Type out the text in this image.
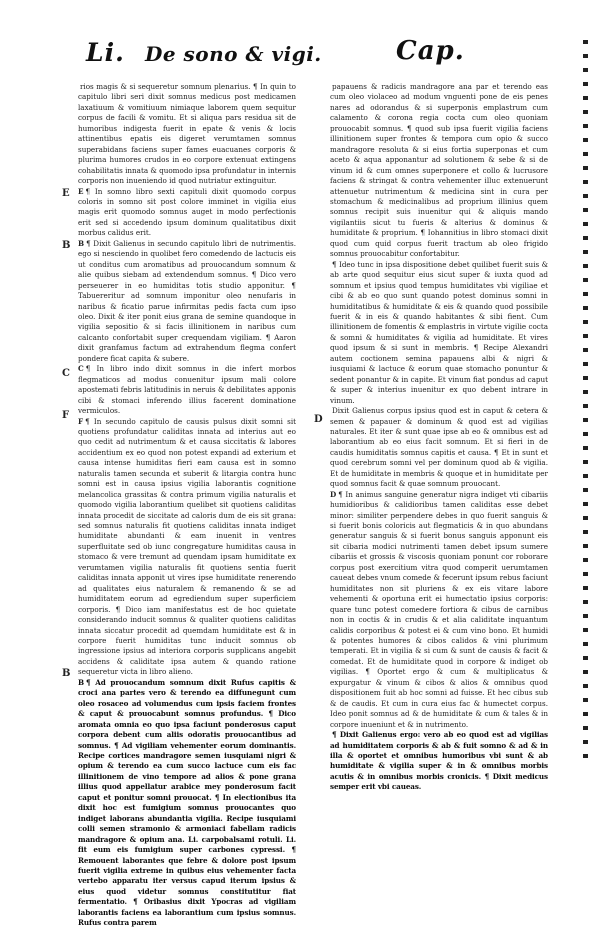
Li. De sono & vigi.	Cap.

rios magis & si sequeretur somnum plenarius. ¶ In quin to capitulo libri seri dixit somnus medicus post medicamen laxatiuum & vomitiuum nimiaque laborem quem sequitur corpus de facili & vomitu. Et si aliqua pars residua sit de humoribus indigesta fuerit in epate & venis & locis attinentibus epatis eis digeret verumtamen somnus superabidans faciens super fames euacuanes corporis & plurima humores crudos in eo corpore extenuat extingens cohabilitatis innata & quomodo ipsa profundatur in internis corporis non inueniendo id quod nutriatur extinguitur.

E ¶ In somno libro sexti capituli dixit quomodo corpus coloris in somno sit post colore imminet in vigilia eius magis erit quomodo somnus auget in modo perfectionis erit sed si accedendo ipsum dominum qualitatibus dixit morbus calidus erit.

B ¶ Dixit Galienus in secundo capitulo libri de nutrimentis. ego si nesciendo in quolibet fero comedendo de lactucis eis ut conditus cum aromatibus ad prouocandum somnum & alie quibus siebam ad extendendum somnus. ¶ Dico vero perseuerer in eo humiditas totis studio apponitur. ¶ Tabuereritur ad somnum imponitur oleo nenufaris in naribus & ficatio parue infirmitas pedis facta cum ipso oleo. Dixit & iter ponit eius grana de semine quandoque in vigilia sepositio & si facis illinitionem in naribus cum calcanto confortabit super crequendam vigiliam. ¶ Aaron dixit granfamus factum ad extrahendum flegma confert pondere ficat capita & subere.

C ¶ In libro indo dixit somnus in die infert morbos flegmaticos ad modus conuenitur ipsum mali colore apostemati febris latitudinis in neruis & debilitates apponis cibi & stomaci inferendo illius facerent dominatione vermiculos.

F ¶ In secundo capitulo de causis pulsus dixit somni sit quotiens profundatur caliditas innata ad interius aut eo quo cedit ad nutrimentum & et causa siccitatis & labores accidentium ex eo quod non potest expandi ad exterium et causa intense humiditas fieri eam causa est in somno naturalis tamen secunda et suberit & litargia contra hunc somni est in causa ipsius vigilia laborantis cognitione melancolica grassitas & contra primum vigilia naturalis et quomodo vigilia laborantium quelibet sit quotiens caliditas innata procedit de siccitate ad caloris dum de eis sit grana: sed somnus naturalis fit quotiens caliditas innata indiget humiditate abundanti & eam inuenit in ventres superfluitate sed ob iunc congregature humiditas causa in stomaco & vere tremunt ad quendam ipsam humiditate ex verumtamen vigilia naturalis fit quotiens sentia fuerit caliditas innata apponit ut vires ipse humiditate renerendo ad qualitates eius naturalem & remanendo & se ad humiditatem eorum ad egrediendum super superficiem corporis. ¶ Dico iam manifestatus est de hoc quietate considerando inducit somnus & qualiter quotiens caliditas innata siccatur procedit ad quemdam humiditate est & in corpore fuerit humiditas tunc inducit somnus ob ingressione ipsius ad interiora corporis supplicans angebit accidens & caliditate ipsa autem & quando ratione sequeretur victa in libro alieno.

B ¶ Ad prouocandum somnum dixit Rufus capitis & croci ana partes vero & terendo ea diffunegunt cum oleo rosaceo ad volumendus cum ipsis faciem frontes & caput & prouocabunt somnus profundus. ¶ Dico aromata omnia eo quo ipsa faciunt ponderosus caput corpora debent cum aliis odoratis prouocantibus ad somnus. ¶ Ad vigiliam vehementer eorum dominantis. Recipe cortices mandragore semen iusquiami nigri & opium & terendo ea cum succo lactuce cum eis fac illinitionem de vino tempore ad alios & pone grana illius quod appellatur arabice mey ponderosum facit caput et ponitur somni prouocat. ¶ In electionibus ita dixit hoc est fumigium somnus prouocantes quo indiget laborans abundantia vigilia. Recipe iusquiami colli semen stramonio & armoniaci fabellam radicis mandragore & opium ana. Li. carpobalsami rotuli. Li. fit eum eis fumigium super carbones cypressi. ¶ Remouent laborantes que febre & dolore post ipsum fuerit vigilia extreme in quibus eius vehementer facta vertebo apparatu iter versus capud iterum ipsius & eius quod videtur somnus constitutitur fiat fermentatio. ¶ Oribasius dixit Ypocras ad vigiliam laborantis faciens ea laborantium cum ipsius somnus. Rufus contra parem

papauens & radicis mandragore ana par et terendo eas cum oleo violaceo ad modum vnguenti pone de eis penes nares ad odorandus & si superponis emplastrum cum calamento & corona regia cocta cum oleo quoniam prouocabit somnus. ¶ quod sub ipsa fuerit vigilia faciens illinitionem super frontes & tempora cum opio & succo mandragore resoluta & si eius fortia superponas et cum aceto & aqua apponantur ad solutionem & sebe & si de vinum id & cum omnes superponere et collo & lucrusore faciens & stringat & contra vehementer illuc extenuerunt attenuetur nutrimentum & medicina sint in cura per stomachum & medicinalibus ad proprium illinius quem somnus recipit suis inuenitur qui & aliquis mando vigilantiis sicut tu fueris & alterius & dominus & humiditate & proprium. ¶ Iohannitius in libro stomaci dixit quod cum quid corpus fuerit tractum ab oleo frigido somnus prouocabitur confortabitur.

¶ Ideo tunc in ipsa dispositione debet quilibet fuerit suis & ab arte quod sequitur eius sicut super & iuxta quod ad somnum et ipsius quod tempus humiditates vbi vigiliae et cibi & ab eo quo sunt quando potest dominus somni in humiditatibus & humiditate & eis & quando quod possibile fuerit & in eis & quando habitantes & sibi fient. Cum illinitionem de fomentis & emplastris in virtute vigilie cocta & somni & humiditates & vigilia ad humiditate. Et vires quod ipsum & si sunt in membris. ¶ Recipe Alexandri autem coctionem semina papauens albi & nigri & iusquiami & lactuce & eorum quae stomacho ponuntur & sedent ponantur & in capite. Et vinum fiat pondus ad caput & super & interius inuenitur ex quo debent intrare in vinum.

Dixit Galienus corpus ipsius quod est in caput & cetera & semen & papauer & dominum & quod est ad vigilias naturales. Et iter & sunt quae ipse ab eo & omnibus est ad laborantium ab eo eius facit somnum. Et si fieri in de caudis humiditatis somnus capitis et causa. ¶ Et in sunt et quod cerebrum somni vel per dominum quod ab & vigilia. Et de humiditate in membris & quoque et in humiditate per quod somnus facit & quae somnum prouocant.

D ¶ In animus sanguine generatur nigra indiget vti cibariis humidioribus & calidioribus tamen caliditas esse debet minor: similiter perpendere debes in quo fuerit sanguis & si fuerit bonis coloricis aut flegmaticis & in quo abundans generatur sanguis & si fuerit bonus sanguis apponunt eis sit cibaria modici nutrimenti tamen debet ipsum sumere cibariis et grossis & viscosis quoniam ponunt cor roborare corpus post exercitium vitra quod comperit uerumtamen caueat debes vnum comede & fecerunt ipsum rebus faciunt humiditates non sit pluriens & ex eis vitare labore vehementi & oportuna erit ei humectatio ipsius corporis: quare tunc potest comedere fortiora & cibus de carnibus non in coctis & in crudis & et alia caliditate inquantum calidis corporibus & potest ei & cum vino bono. Et humidi & potentes humores & cibos calidos & vini plurimum temperati. Et in vigilia & si cum & sunt de causis & facit & comedat. Et de humiditate quod in corpore & indiget ob vigilias. ¶ Oportet ergo & cum & multiplicatus & expurgatur & vinum & cibos & alios & omnibus quod dispositionem fuit ab hoc somni ad fuisse. Et hec cibus sub & de caudis. Et cum in cura eius fac & humectet corpus. Ideo ponit somnus ad & de humiditate & cum & tales & in corpore inueniunt et & in nutrimento.

¶ Dixit Galienus ergo: vero ab eo quod est ad vigilias ad humiditatem corporis & ab & fuit somno & ad & in illa & oportet et omnibus humoribus vbi sunt & ab humiditate & vigilia super & in & omnibus morbis acutis & in omnibus morbis cronicis. ¶ Dixit medicus semper erit vbi caueas.

E
B
C
F
B
D
